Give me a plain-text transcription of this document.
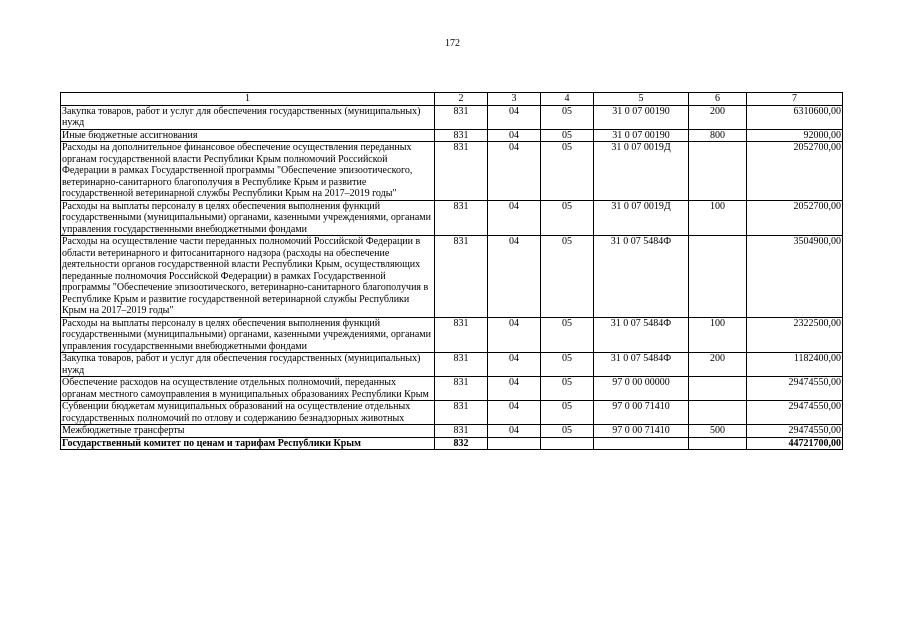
172
1	2	3	4	5	6	7
Закупка товаров, работ и услуг для обеспечения государственных (муниципальных) нужд	831	04	05	31 0 07 00190	200	6310600,00
Иные бюджетные ассигнования	831	04	05	31 0 07 00190	800	92000,00
Расходы на дополнительное финансовое обеспечение осуществления переданных органам государственной власти Республики Крым полномочий Российской Федерации в рамках Государственной программы "Обеспечение эпизоотического, ветеринарно-санитарного благополучия в Республике Крым и развитие государственной ветеринарной службы Республики Крым на 2017–2019 годы"	831	04	05	31 0 07 0019Д		2052700,00
Расходы на выплаты персоналу в целях обеспечения выполнения функций государственными (муниципальными) органами, казенными учреждениями, органами управления государственными внебюджетными фондами	831	04	05	31 0 07 0019Д	100	2052700,00
Расходы на осуществление части переданных полномочий Российской Федерации в области ветеринарного и фитосанитарного надзора (расходы на обеспечение деятельности органов государственной власти Республики Крым, осуществляющих переданные полномочия Российской Федерации) в рамках Государственной программы "Обеспечение эпизоотического, ветеринарно-санитарного благополучия в Республике Крым и развитие государственной ветеринарной службы Республики Крым на 2017–2019 годы"	831	04	05	31 0 07 5484Ф		3504900,00
Расходы на выплаты персоналу в целях обеспечения выполнения функций государственными (муниципальными) органами, казенными учреждениями, органами управления государственными внебюджетными фондами	831	04	05	31 0 07 5484Ф	100	2322500,00
Закупка товаров, работ и услуг для обеспечения государственных (муниципальных) нужд	831	04	05	31 0 07 5484Ф	200	1182400,00
Обеспечение расходов на осуществление отдельных полномочий, переданных органам местного самоуправления в муниципальных образованиях Республики Крым	831	04	05	97 0 00 00000		29474550,00
Субвенции бюджетам муниципальных образований на осуществление отдельных государственных полномочий по отлову и содержанию безнадзорных животных	831	04	05	97 0 00 71410		29474550,00
Межбюджетные трансферты	831	04	05	97 0 00 71410	500	29474550,00
Государственный комитет по ценам и тарифам Республики Крым	832					44721700,00
